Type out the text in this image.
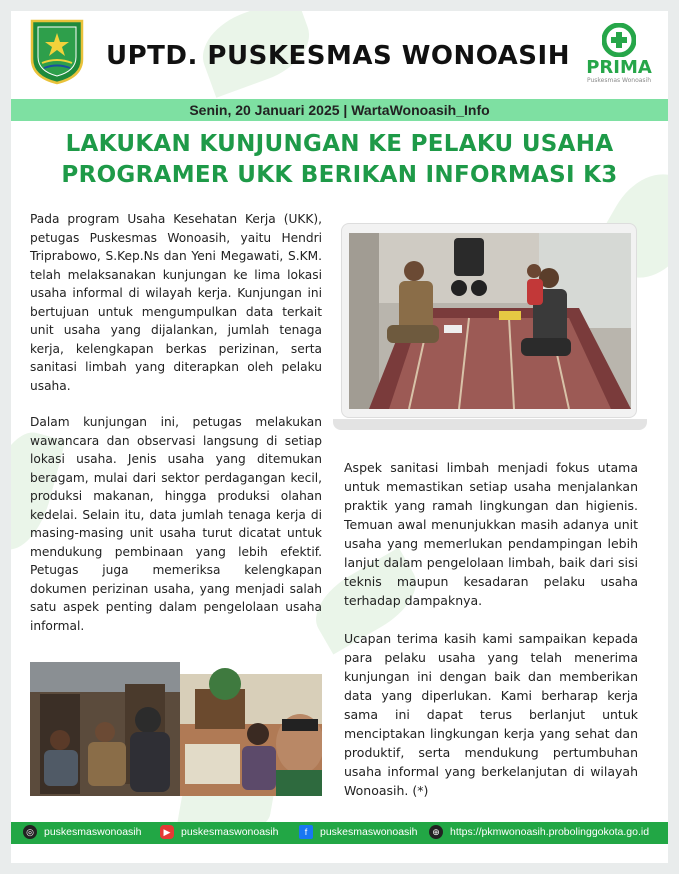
UPTD. PUSKESMAS WONOASIH PRIMA
Puskesmas Wonoasih
Senin, 20 Januari 2025 | WartaWonoasih_Info
LAKUKAN KUNJUNGAN KE PELAKU USAHA
PROGRAMER UKK BERIKAN INFORMASI K3

Pada program Usaha Kesehatan Kerja (UKK), petugas Puskesmas Wonoasih, yaitu Hendri Triprabowo, S.Kep.Ns dan Yeni Megawati, S.KM. telah melaksanakan kunjungan ke lima lokasi usaha informal di wilayah kerja. Kunjungan ini bertujuan untuk mengumpulkan data terkait unit usaha yang dijalankan, jumlah tenaga kerja, kelengkapan berkas perizinan, serta sanitasi limbah yang diterapkan oleh pelaku usaha.

Dalam kunjungan ini, petugas melakukan wawancara dan observasi langsung di setiap lokasi usaha. Jenis usaha yang ditemukan beragam, mulai dari sektor perdagangan kecil, produksi makanan, hingga produksi olahan kedelai. Selain itu, data jumlah tenaga kerja di masing-masing unit usaha turut dicatat untuk mendukung pembinaan yang lebih efektif. Petugas juga memeriksa kelengkapan dokumen perizinan usaha, yang menjadi salah satu aspek penting dalam pengelolaan usaha informal.

Aspek sanitasi limbah menjadi fokus utama untuk memastikan setiap usaha menjalankan praktik yang ramah lingkungan dan higienis. Temuan awal menunjukkan masih adanya unit usaha yang memerlukan pendampingan lebih lanjut dalam pengelolaan limbah, baik dari sisi teknis maupun kesadaran pelaku usaha terhadap dampaknya.

Ucapan terima kasih kami sampaikan kepada para pelaku usaha yang telah menerima kunjungan ini dengan baik dan memberikan data yang diperlukan. Kami berharap kerja sama ini dapat terus berlanjut untuk menciptakan lingkungan kerja yang sehat dan produktif, serta mendukung pertumbuhan usaha informal yang berkelanjutan di wilayah Wonoasih. (*)

◎ puskesmaswonoasih	▶	puskesmaswonoasih	f	puskesmaswonoasih	⊕ https://pkmwonoasih.probolinggokota.go.id
